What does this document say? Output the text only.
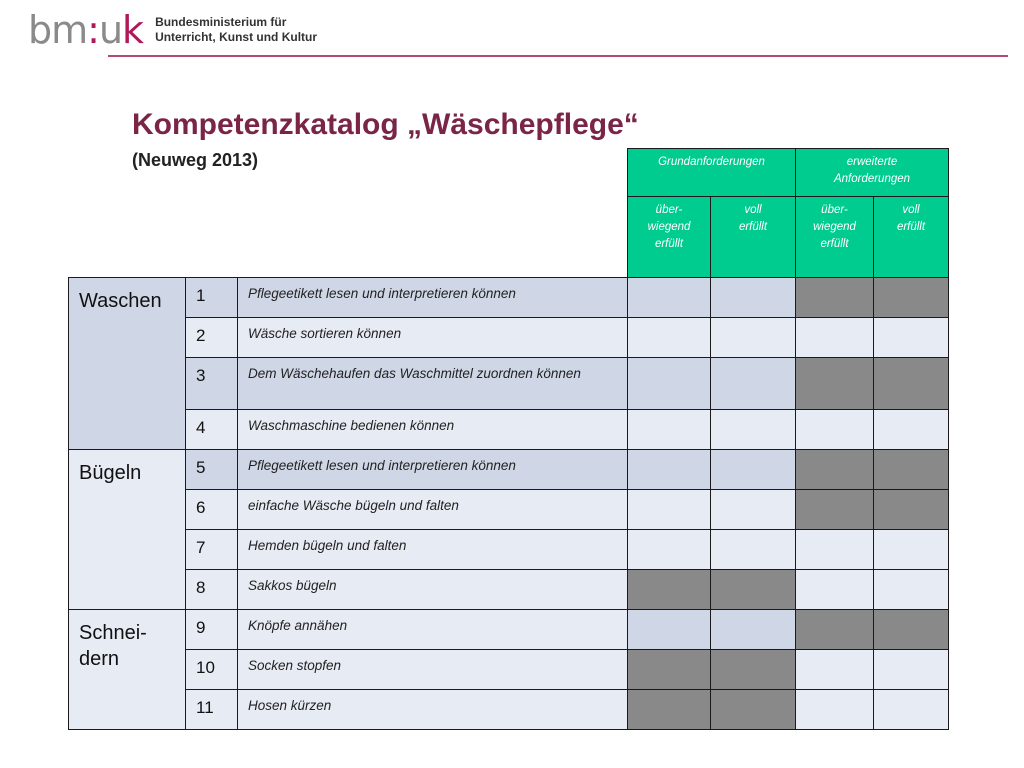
bm:uk Bundesministerium für
Unterricht, Kunst und Kultur

			Grundanforderungen		erweiterte Anforderungen	

			über-wiegend erfüllt	voll erfüllt	über-wiegend erfüllt	voll erfüllt

Waschen	1	Pflegeetikett lesen und interpretieren können				
	2	Wäsche sortieren können				
	3	Dem Wäschehaufen das Waschmittel zuordnen können				
	4	Waschmaschine bedienen können				
Bügeln	5	Pflegeetikett lesen und interpretieren können				
	6	einfache Wäsche bügeln und falten				
	7	Hemden bügeln und falten				
	8	Sakkos bügeln				
Schnei-dern	9	Knöpfe annähen				
	10	Socken stopfen				
	11	Hosen kürzen				
Kompetenzkatalog „Wäschepflege“
(Neuweg 2013)
